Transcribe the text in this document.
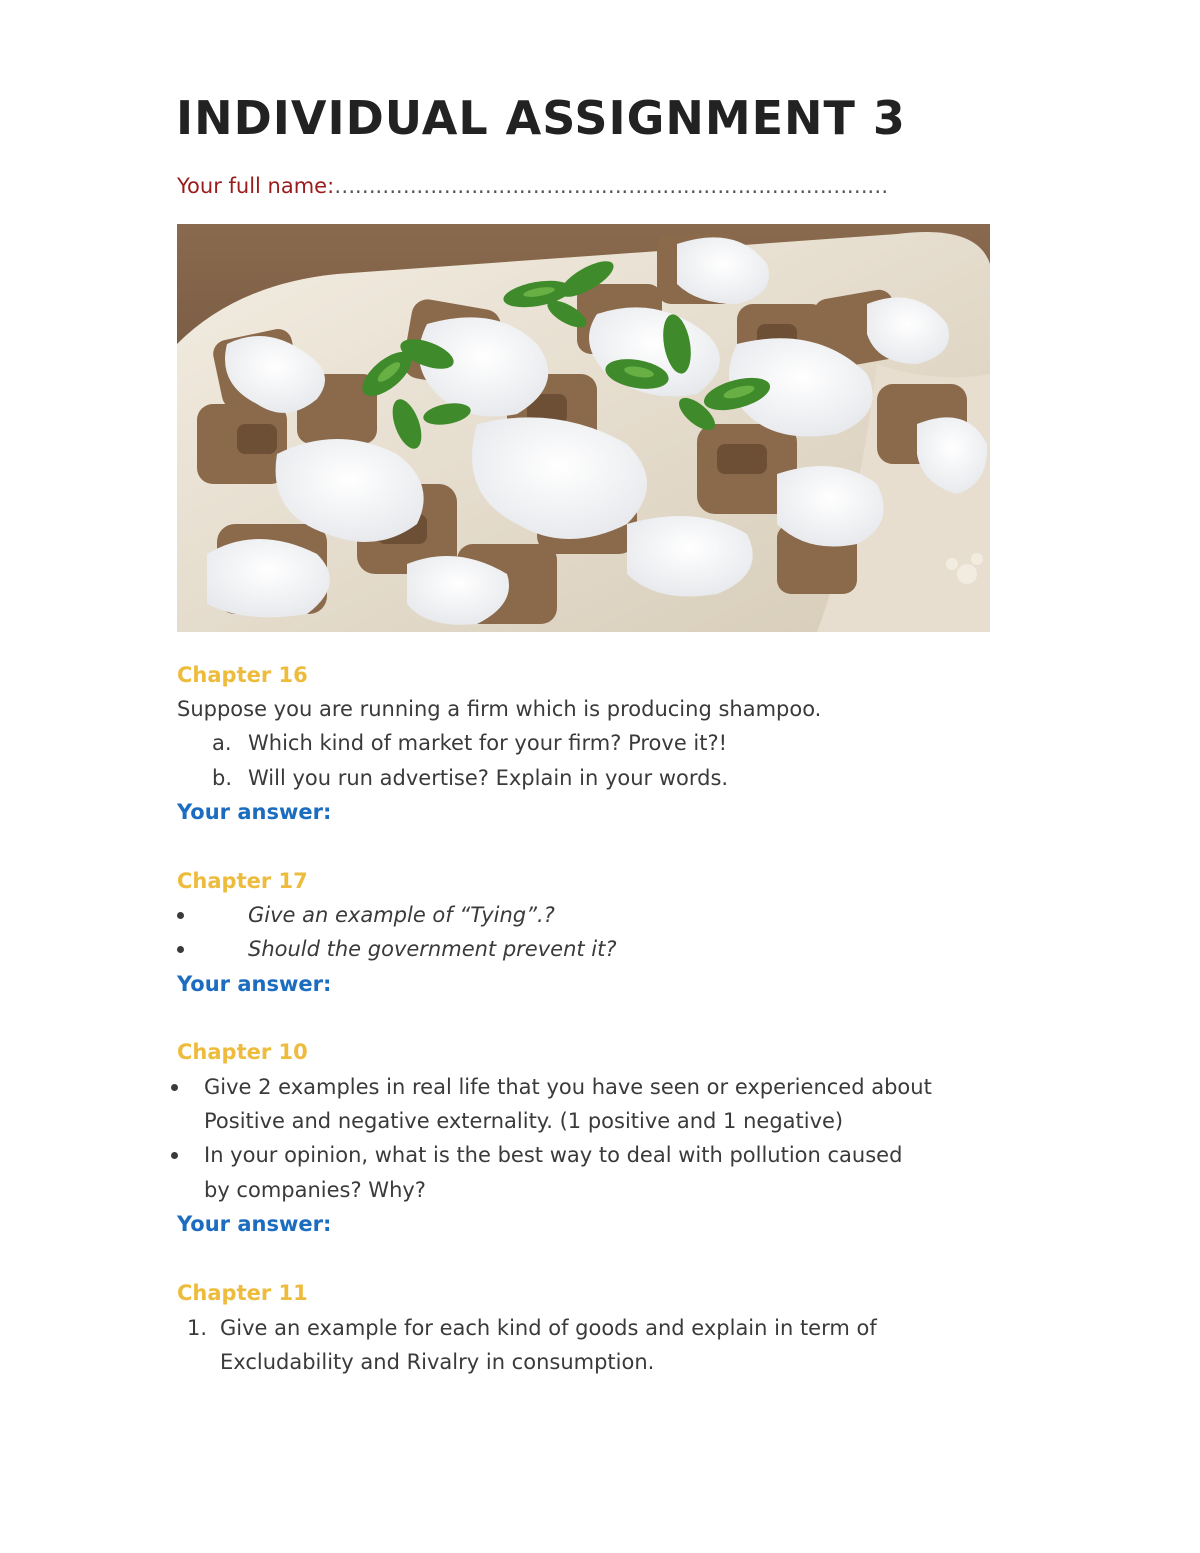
INDIVIDUAL ASSIGNMENT 3
Your full name:………………………………………………………………………
Chapter 16

Suppose you are running a firm which is producing shampoo.

a. Which kind of market for your firm? Prove it?!

b. Will you run advertise? Explain in your words.

Your answer:
Chapter 17

Give an example of “Tying”.?

Should the government prevent it?

Your answer:
Chapter 10

Give 2 examples in real life that you have seen or experienced about

Positive and negative externality. (1 positive and 1 negative)

In your opinion, what is the best way to deal with pollution caused

by companies? Why?

Your answer:
Chapter 11
1. Give an example for each kind of goods and explain in term of

Excludability and Rivalry in consumption.
